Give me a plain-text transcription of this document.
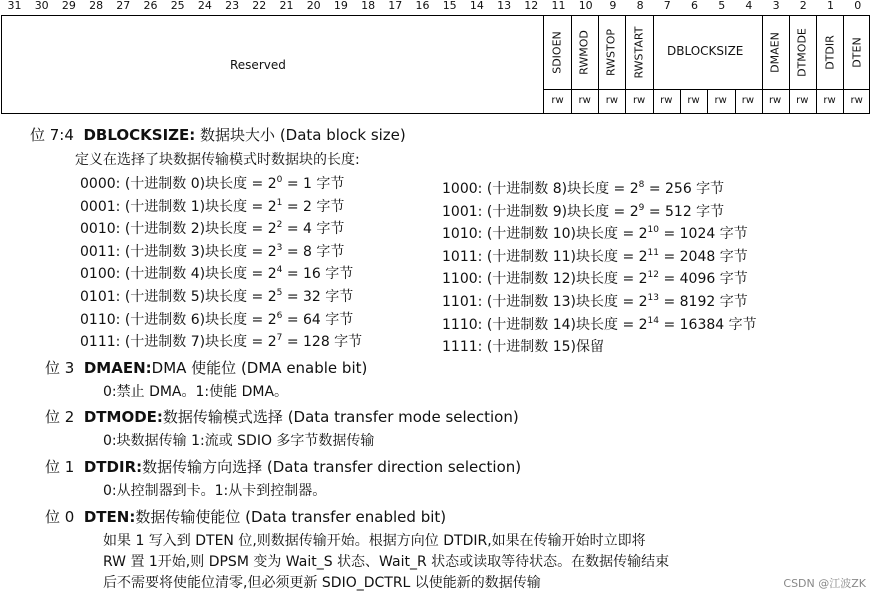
31	30	29	28	27	26	25	24	23	22	21	20	19	18	17	16	15	14	13	12	11	10	9	8	7	6	5	4	3	2	1	0
Reserved	SDIOEN RWMOD RWSTOP RWSTART DBLOCKSIZE DMAEN DTMODE DTDIR DTEN
rw	rw	rw	rw	rw	rw	rw	rw	rw	rw	rw	rw
位 7:4 DBLOCKSIZE: 数据块大小 (Data block size)
定义在选择了块数据传输模式时数据块的长度:
0000: (十进制数 0)块长度 = $2^0 = 1$ 字节
0001: (十进制数 1)块长度 = $2^1 = 2$ 字节
0010: (十进制数 2)块长度 = $2^2 = 4$ 字节
0011: (十进制数 3)块长度 = $2^3 = 8$ 字节
0100: (十进制数 4)块长度 = $2^4 = 16$ 字节
0101: (十进制数 5)块长度 = $2^5 = 32$ 字节
0110: (十进制数 6)块长度 = $2^6 = 64$ 字节
0111: (十进制数 7)块长度 = $2^7 = 128$ 字节
1000: (十进制数 8)块长度 = $2^8 = 256$ 字节
1001: (十进制数 9)块长度 = $2^9 = 512$ 字节
1010: (十进制数 10)块长度 = $2^{10} = 1024$ 字节
1011: (十进制数 11)块长度 = $2^{11} = 2048$ 字节
1100: (十进制数 12)块长度 = $2^{12} = 4096$ 字节
1101: (十进制数 13)块长度 = $2^{13} = 8192$ 字节
1110: (十进制数 14)块长度 = $2^{14} = 16384$ 字节
1111: (十进制数 15)保留
位 3 DMAEN:DMA 使能位 (DMA enable bit)
0:禁止 DMA。1:使能 DMA。
位 2 DTMODE:数据传输模式选择 (Data transfer mode selection)
0:块数据传输 1:流或 SDIO 多字节数据传输
位 1 DTDIR:数据传输方向选择 (Data transfer direction selection)
0:从控制器到卡。1:从卡到控制器。
位 0 DTEN:数据传输使能位 (Data transfer enabled bit)
如果 1 写入到 DTEN 位,则数据传输开始。根据方向位 DTDIR,如果在传输开始时立即将
RW 置 1开始,则 DPSM 变为 Wait_S 状态、Wait_R 状态或读取等待状态。在数据传输结束
后不需要将使能位清零,但必须更新 SDIO_DCTRL 以使能新的数据传输	CSDN @江波ZK
